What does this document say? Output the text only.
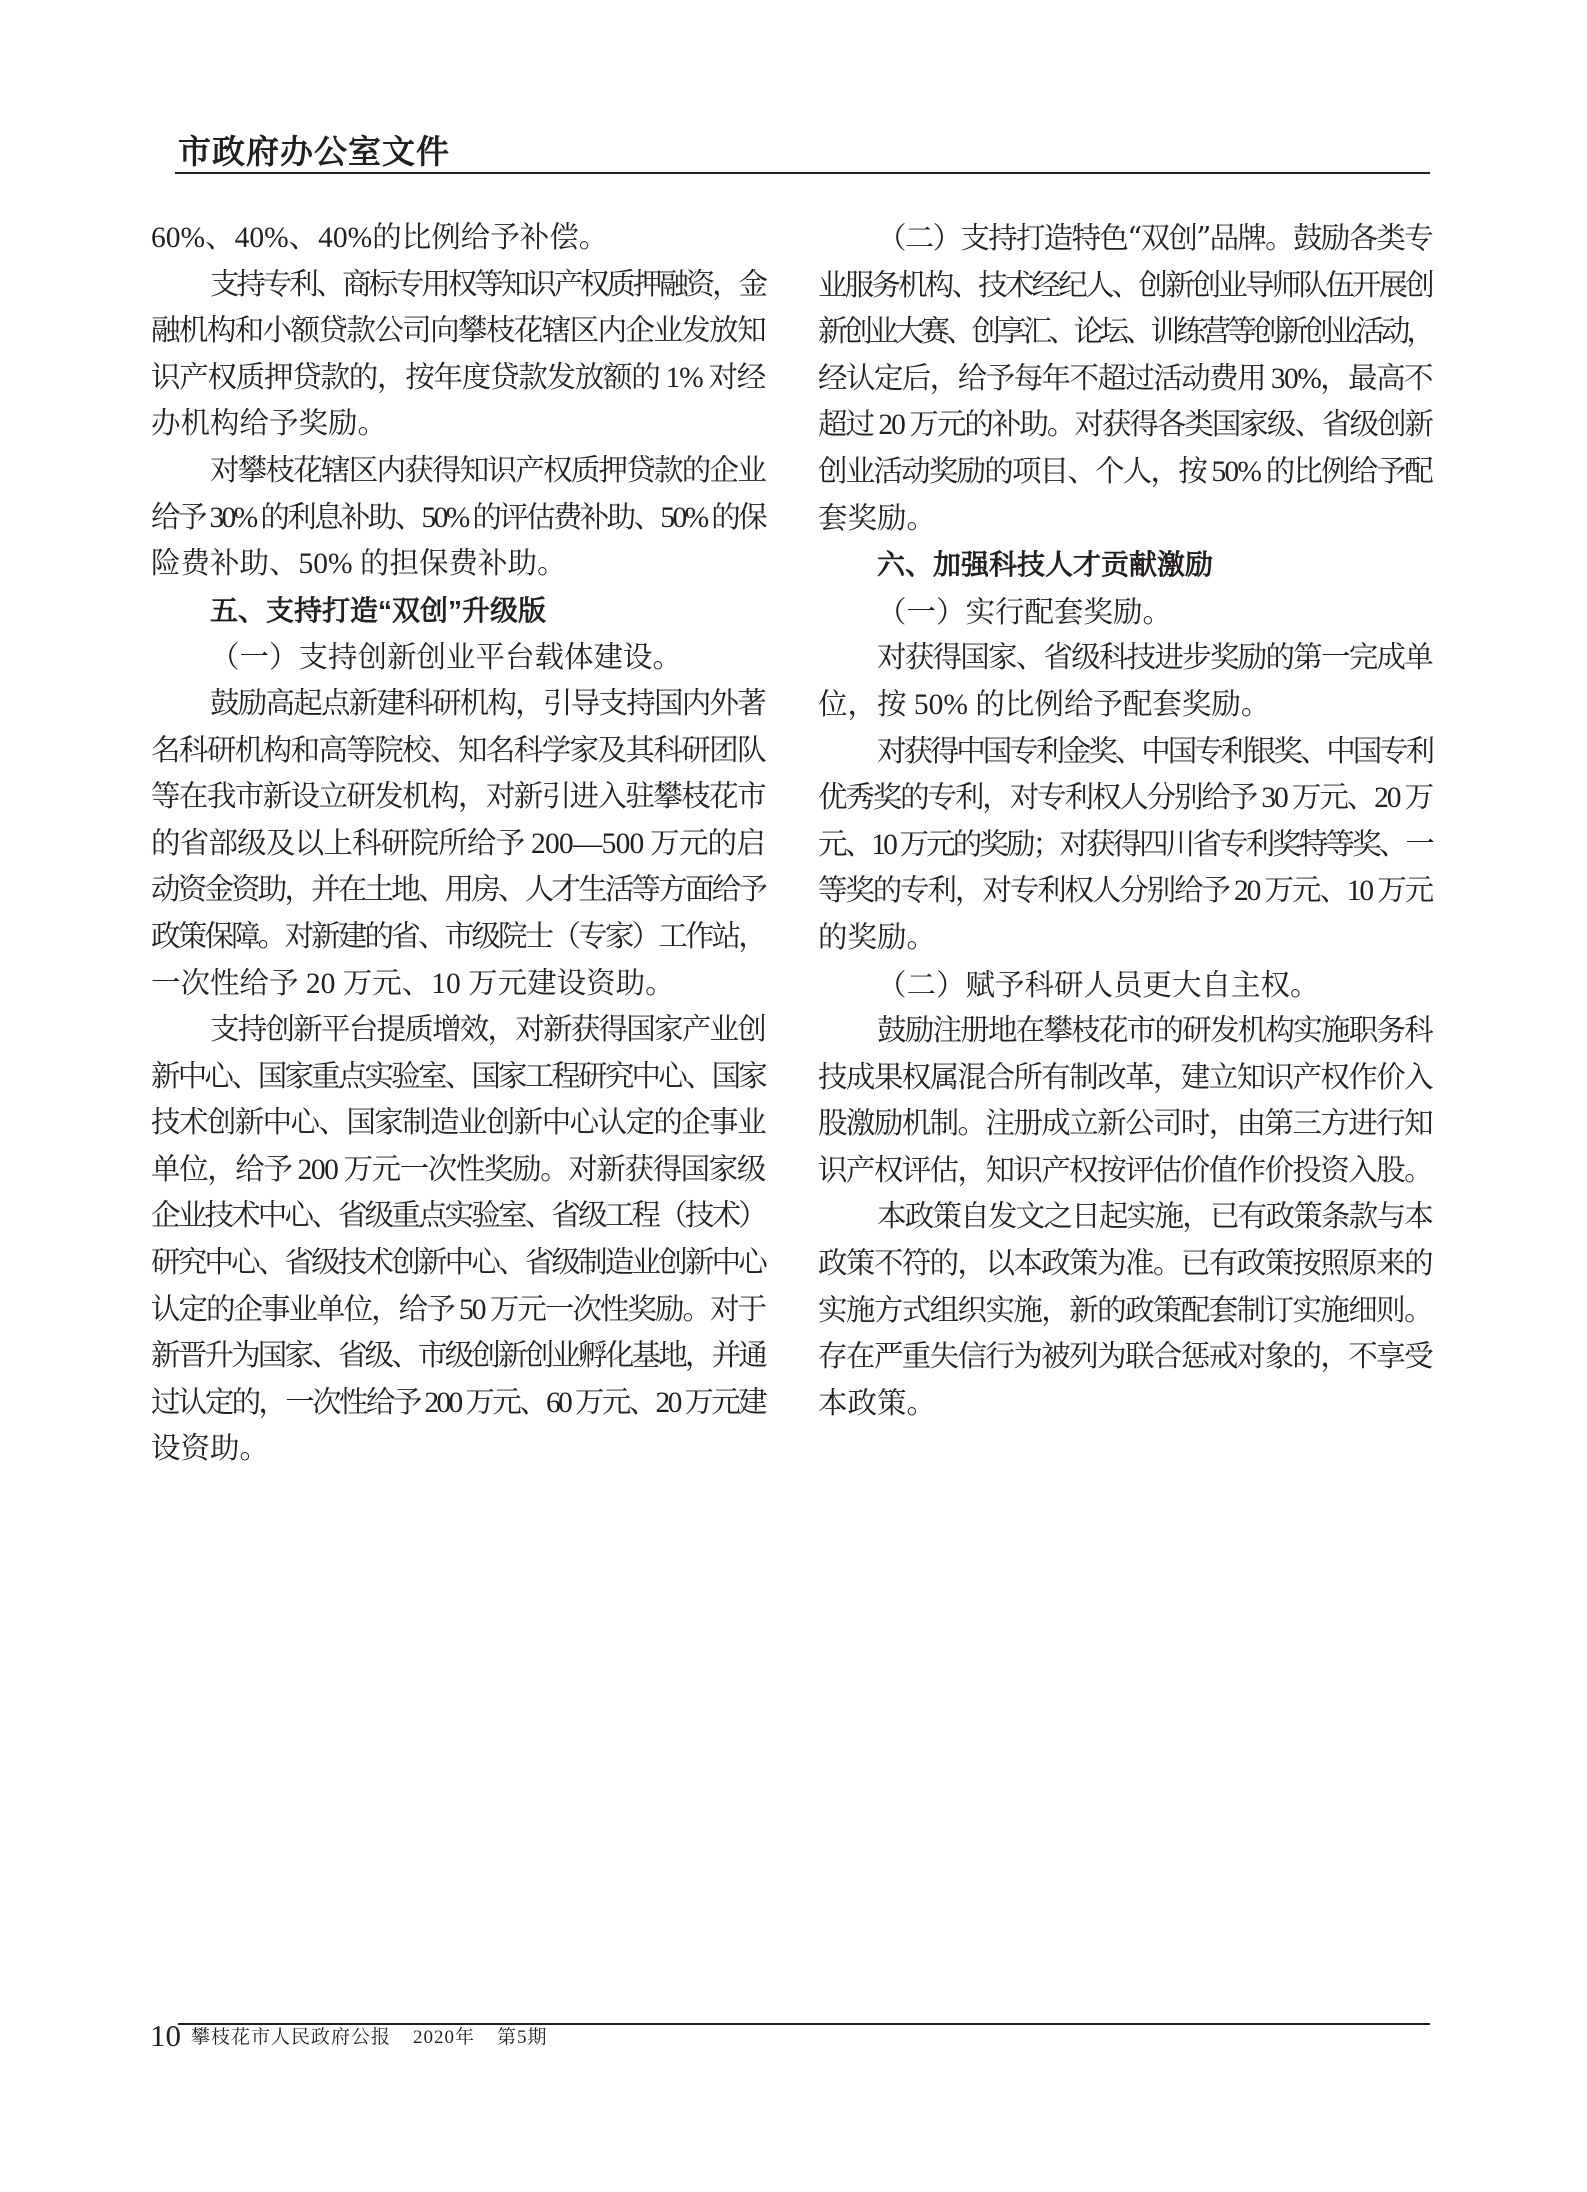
市政府办公室文件
60%、40%、40%的比例给予补偿。
支持专利、商标专用权等知识产权质押融资，金
融机构和小额贷款公司向攀枝花辖区内企业发放知
识产权质押贷款的，按年度贷款发放额的 1% 对经
办机构给予奖励。
对攀枝花辖区内获得知识产权质押贷款的企业
给予 30% 的利息补助、50% 的评估费补助、50% 的保
险费补助、50% 的担保费补助。
五、支持打造“双创”升级版
（一）支持创新创业平台载体建设。
鼓励高起点新建科研机构，引导支持国内外著
名科研机构和高等院校、知名科学家及其科研团队
等在我市新设立研发机构，对新引进入驻攀枝花市
的省部级及以上科研院所给予 200—500 万元的启
动资金资助，并在土地、用房、人才生活等方面给予
政策保障。对新建的省、市级院士（专家）工作站，
一次性给予 20 万元、10 万元建设资助。
支持创新平台提质增效，对新获得国家产业创
新中心、国家重点实验室、国家工程研究中心、国家
技术创新中心、国家制造业创新中心认定的企事业
单位，给予 200 万元一次性奖励。对新获得国家级
企业技术中心、省级重点实验室、省级工程（技术）
研究中心、省级技术创新中心、省级制造业创新中心
认定的企事业单位，给予 50 万元一次性奖励。对于
新晋升为国家、省级、市级创新创业孵化基地，并通
过认定的，一次性给予 200 万元、60 万元、20 万元建
设资助。
（二）支持打造特色“双创”品牌。鼓励各类专
业服务机构、技术经纪人、创新创业导师队伍开展创
新创业大赛、创享汇、论坛、训练营等创新创业活动，
经认定后，给予每年不超过活动费用 30%，最高不
超过 20 万元的补助。对获得各类国家级、省级创新
创业活动奖励的项目、个人，按 50% 的比例给予配
套奖励。
六、加强科技人才贡献激励
（一）实行配套奖励。
对获得国家、省级科技进步奖励的第一完成单
位，按 50% 的比例给予配套奖励。
对获得中国专利金奖、中国专利银奖、中国专利
优秀奖的专利，对专利权人分别给予 30 万元、20 万
元、10 万元的奖励；对获得四川省专利奖特等奖、一
等奖的专利，对专利权人分别给予 20 万元、10 万元
的奖励。
（二）赋予科研人员更大自主权。
鼓励注册地在攀枝花市的研发机构实施职务科
技成果权属混合所有制改革，建立知识产权作价入
股激励机制。注册成立新公司时，由第三方进行知
识产权评估，知识产权按评估价值作价投资入股。
本政策自发文之日起实施，已有政策条款与本
政策不符的，以本政策为准。已有政策按照原来的
实施方式组织实施，新的政策配套制订实施细则。
存在严重失信行为被列为联合惩戒对象的，不享受
本政策。
10 攀枝花市人民政府公报 2020年 第5期
